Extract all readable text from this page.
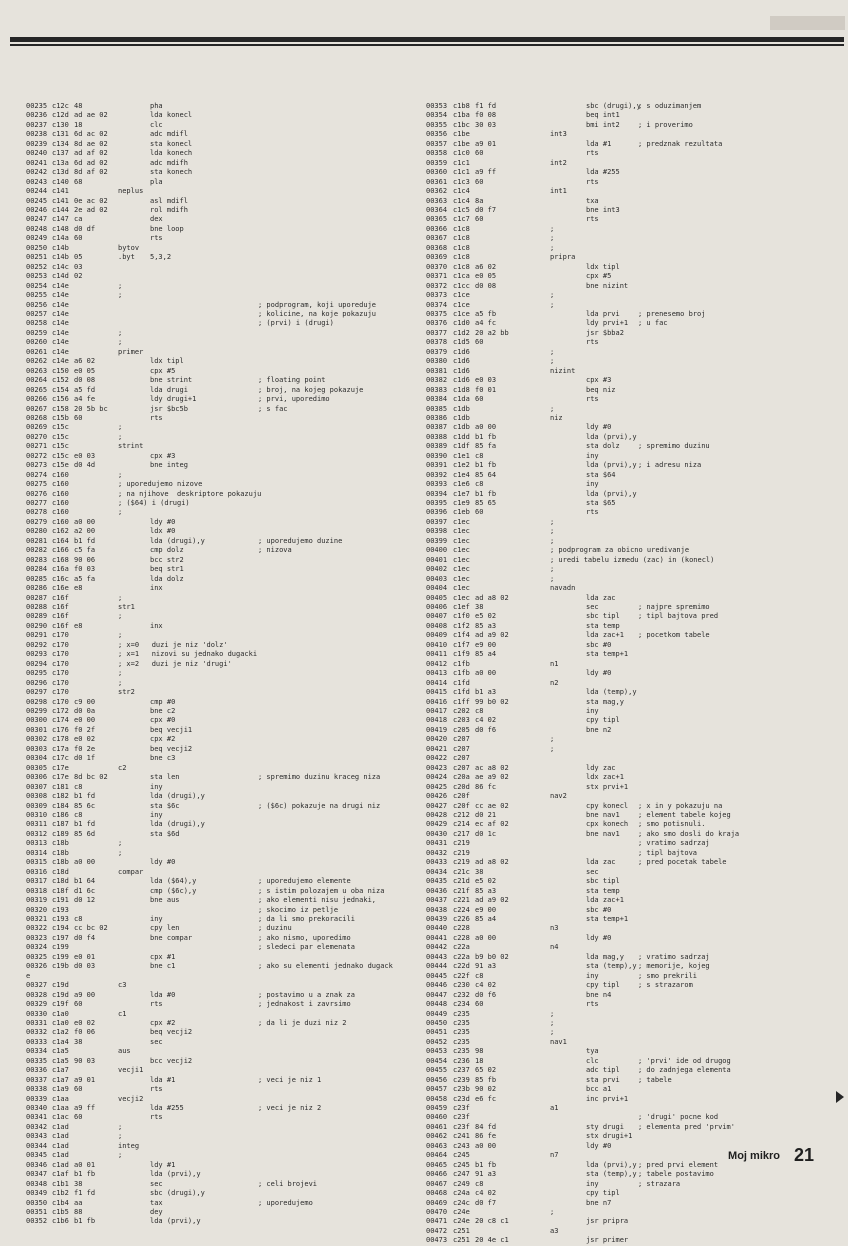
00235 c12c 48	pha
00236 c12d ad ae 02	lda konecl
00237 c130 18	clc
00238 c131 6d ac 02	adc mdifl
00239 c134 8d ae 02	sta konecl
00240 c137 ad af 02	lda konech
00241 c13a 6d ad 02	adc mdifh
00242 c13d 8d af 02	sta konech
00243 c140 68	pla
00244 c141	neplus
00245 c141 0e ac 02	asl mdifl
00246 c144 2e ad 02	rol mdifh
00247 c147 ca	dex
00248 c148 d0 df	bne loop
00249 c14a 60	rts
00250 c14b	bytov
00251 c14b 05	.byt 5,3,2
00252 c14c 03
00253 c14d 02
00254 c14e	;
00255 c14e	;
00256 c14e	; podprogram, koji uporeduje
00257 c14e	; kolicine, na koje pokazuju
00258 c14e	; (prvi) i (drugi)
00259 c14e	;
00260 c14e	;
00261 c14e	primer
00262 c14e a6 02	ldx tipl
00263 c150 e0 05	cpx #5
00264 c152 d0 08	bne strint	; floating point
00265 c154 a5 fd	lda drugi	; broj, na kojeg pokazuje
00266 c156 a4 fe	ldy drugi+1	; prvi, uporedimo
00267 c158 20 5b bc	jsr $bc5b	; s fac
00268 c15b 60	rts
00269 c15c	;
00270 c15c	;
00271 c15c	strint
00272 c15c e0 03	cpx #3
00273 c15e d0 4d	bne integ
00274 c160	;
00275 c160	; uporedujemo nizove
00276 c160	; na njihove  deskriptore pokazuju
00277 c160	; ($64) i (drugi)
00278 c160	;
00279 c160 a0 00	ldy #0
00280 c162 a2 00	ldx #0
00281 c164 b1 fd	lda (drugi),y	; uporedujemo duzine
00282 c166 c5 fa	cmp dolz	; nizova
00283 c168 90 06	bcc str2
00284 c16a f0 03	beq str1
00285 c16c a5 fa	lda dolz
00286 c16e e8	inx
00287 c16f	;
00288 c16f	str1
00289 c16f	;
00290 c16f e8	inx
00291 c170	;
00292 c170	; x=0   duzi je niz 'dolz'
00293 c170	; x=1   nizovi su jednako dugacki
00294 c170	; x=2   duzi je niz 'drugi'
00295 c170	;
00296 c170	;
00297 c170	str2
00298 c170 c9 00	cmp #0
00299 c172 d0 0a	bne c2
00300 c174 e0 00	cpx #0
00301 c176 f0 2f	beq vecji1
00302 c178 e0 02	cpx #2
00303 c17a f0 2e	beq vecji2
00304 c17c d0 1f	bne c3
00305 c17e	c2
00306 c17e 8d bc 02	sta len	; spremimo duzinu kraceg niza
00307 c181 c8	iny
00308 c182 b1 fd	lda (drugi),y
00309 c184 85 6c	sta $6c	; ($6c) pokazuje na drugi niz
00310 c186 c8	iny
00311 c187 b1 fd	lda (drugi),y
00312 c189 85 6d	sta $6d
00313 c18b	;
00314 c18b	;
00315 c18b a0 00	ldy #0
00316 c18d	compar
00317 c18d b1 64	lda ($64),y	; uporedujemo elemente
00318 c18f d1 6c	cmp ($6c),y	; s istim polozajem u oba niza
00319 c191 d0 12	bne aus	; ako elementi nisu jednaki,
00320 c193	; skocimo iz petlje
00321 c193 c8	iny	; da li smo prekoracili
00322 c194 cc bc 02	cpy len	; duzinu
00323 c197 d0 f4	bne compar	; ako nismo, uporedimo
00324 c199	; sledeci par elemenata
00325 c199 e0 01	cpx #1
00326 c19b d0 03	bne c1	; ako su elementi jednako dugack
e
00327 c19d	c3
00328 c19d a9 00	lda #0	; postavimo u a znak za
00329 c19f 60	rts	; jednakost i zavrsimo
00330 c1a0	c1
00331 c1a0 e0 02	cpx #2	; da li je duzi niz 2
00332 c1a2 f0 06	beq vecji2
00333 c1a4 38	sec
00334 c1a5	aus
00335 c1a5 90 03	bcc vecji2
00336 c1a7	vecji1
00337 c1a7 a9 01	lda #1	; veci je niz 1
00338 c1a9 60	rts
00339 c1aa	vecji2
00340 c1aa a9 ff	lda #255	; veci je niz 2
00341 c1ac 60	rts
00342 c1ad	;
00343 c1ad	;
00344 c1ad	integ
00345 c1ad	;
00346 c1ad a0 01	ldy #1
00347 c1af b1 fb	lda (prvi),y
00348 c1b1 38	sec	; celi brojevi
00349 c1b2 f1 fd	sbc (drugi),y
00350 c1b4 aa	tax	; uporedujemo
00351 c1b5 88	dey
00352 c1b6 b1 fb	lda (prvi),y
00353 c1b8 f1 fd	sbc (drugi),y
; s oduzimanjem
00354 c1ba f0 08	beq int1
00355 c1bc 30 03	bmi int2	; i proverimo
00356 c1be	int3
00357 c1be a9 01	lda #1	; predznak rezultata
00358 c1c0 60	rts
00359 c1c1	int2
00360 c1c1 a9 ff	lda #255
00361 c1c3 60	rts
00362 c1c4	int1
00363 c1c4 8a	txa
00364 c1c5 d0 f7	bne int3
00365 c1c7 60	rts
00366 c1c8	;
00367 c1c8	;
00368 c1c8	;
00369 c1c8	pripra
00370 c1c8 a6 02	ldx tipl
00371 c1ca e0 05	cpx #5
00372 c1cc d0 08	bne nizint
00373 c1ce	;
00374 c1ce	;
00375 c1ce a5 fb	lda prvi	; prenesemo broj
00376 c1d0 a4 fc	ldy prvi+1 ; u fac
00377 c1d2 20 a2 bb	jsr $bba2
00378 c1d5 60	rts
00379 c1d6	;
00380 c1d6	;
00381 c1d6	nizint
00382 c1d6 e0 03	cpx #3
00383 c1d8 f0 01	beq niz
00384 c1da 60	rts
00385 c1db	;
00386 c1db	niz
00387 c1db a0 00	ldy #0
00388 c1dd b1 fb	lda (prvi),y
00389 c1df 85 fa	sta dolz	; spremimo duzinu
00390 c1e1 c8	iny
00391 c1e2 b1 fb	lda (prvi),y ; i adresu niza
00392 c1e4 85 64	sta $64
00393 c1e6 c8	iny
00394 c1e7 b1 fb	lda (prvi),y
00395 c1e9 85 65	sta $65
00396 c1eb 60	rts
00397 c1ec	;
00398 c1ec	;
00399 c1ec	;
00400 c1ec	; podprogram za obicno uredivanje
00401 c1ec	; uredi tabelu izmedu (zac) in (konecl)
00402 c1ec	;
00403 c1ec	;
00404 c1ec	navadn
00405 c1ec ad a8 02	lda zac
00406 c1ef 38	sec	; najpre spremimo
00407 c1f0 e5 02	sbc tipl	; tipl bajtova pred
00408 c1f2 85 a3	sta temp
00409 c1f4 ad a9 02	lda zac+1 ; pocetkom tabele
00410 c1f7 e9 00	sbc #0
00411 c1f9 85 a4	sta temp+1
00412 c1fb	n1
00413 c1fb a0 00	ldy #0
00414 c1fd	n2
00415 c1fd b1 a3	lda (temp),y
00416 c1ff 99 b0 02	sta mag,y
00417 c202 c8	iny
00418 c203 c4 02	cpy tipl
00419 c205 d0 f6	bne n2
00420 c207	;
00421 c207	;
00422 c207
00423 c207 ac a8 02	ldy zac
00424 c20a ae a9 02	ldx zac+1
00425 c20d 86 fc	stx prvi+1
00426 c20f	nav2
00427 c20f cc ae 02	cpy konecl ; x in y pokazuju na
00428 c212 d0 21	bne nav1	; element tabele kojeg
00429 c214 ec af 02	cpx konech ; smo potisnuli.
00430 c217 d0 1c	bne nav1	; ako smo dosli do kraja
00431 c219	; vratimo sadrzaj
00432 c219	; tipl bajtova
00433 c219 ad a8 02	lda zac	; pred pocetak tabele
00434 c21c 38	sec
00435 c21d e5 02	sbc tipl
00436 c21f 85 a3	sta temp
00437 c221 ad a9 02	lda zac+1
00438 c224 e9 00	sbc #0
00439 c226 85 a4	sta temp+1
00440 c228	n3
00441 c228 a0 00	ldy #0
00442 c22a	n4
00443 c22a b9 b0 02	lda mag,y ; vratimo sadrzaj
00444 c22d 91 a3	sta (temp),y ; memorije, kojeg
00445 c22f c8	iny	; smo prekrili
00446 c230 c4 02	cpy tipl	; s strazarom
00447 c232 d0 f6	bne n4
00448 c234 60	rts
00449 c235	;
00450 c235	;
00451 c235	;
00452 c235	nav1
00453 c235 98	tya
00454 c236 18	clc	; 'prvi' ide od drugog
00455 c237 65 02	adc tipl	; do zadnjega elementa
00456 c239 85 fb	sta prvi	; tabele
00457 c23b 90 02	bcc a1
00458 c23d e6 fc	inc prvi+1
00459 c23f	a1
00460 c23f	; 'drugi' pocne kod
00461 c23f 84 fd	sty drugi ; elementa pred 'prvim'
00462 c241 86 fe	stx drugi+1
00463 c243 a0 00	ldy #0
00464 c245	n7
00465 c245 b1 fb	lda (prvi),y ; pred prvi element
00466 c247 91 a3	sta (temp),y ; tabele postavimo
00467 c249 c8	iny	; strazara
00468 c24a c4 02	cpy tipl
00469 c24c d0 f7	bne n7
00470 c24e	;
00471 c24e 20 c8 c1	jsr pripra
00472 c251	a3
00473 c251 20 4e c1	jsr primer
Moj mikro 21
